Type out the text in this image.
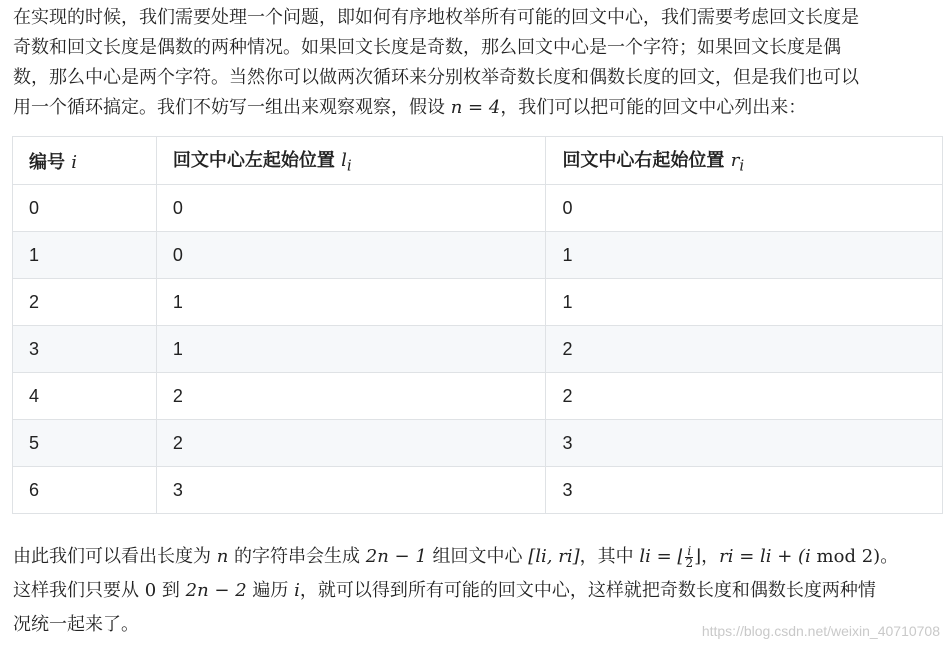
在实现的时候，我们需要处理一个问题，即如何有序地枚举所有可能的回文中心，我们需要考虑回文长度是
奇数和回文长度是偶数的两种情况。如果回文长度是奇数，那么回文中心是一个字符；如果回文长度是偶
数，那么中心是两个字符。当然你可以做两次循环来分别枚举奇数长度和偶数长度的回文，但是我们也可以
用一个循环搞定。我们不妨写一组出来观察观察，假设 n = 4，我们可以把可能的回文中心列出来：
编号 i	回文中心左起始位置 $l_i$	回文中心右起始位置 $r_i$
0	0	0
1	0	1
2	1	1
3	1	2
4	2	2
5	2	3
6	3	3
由此我们可以看出长度为 n 的字符串会生成 2n − 1 组回文中心 [li, ri]，其中 li = ⌊ $\frac{i}{2}$ ⌋，ri = li + (i mod 2)。
这样我们只要从 0 到 2n − 2 遍历 i，就可以得到所有可能的回文中心，这样就把奇数长度和偶数长度两种情
况统一起来了。	https://blog.csdn.net/weixin_40710708
